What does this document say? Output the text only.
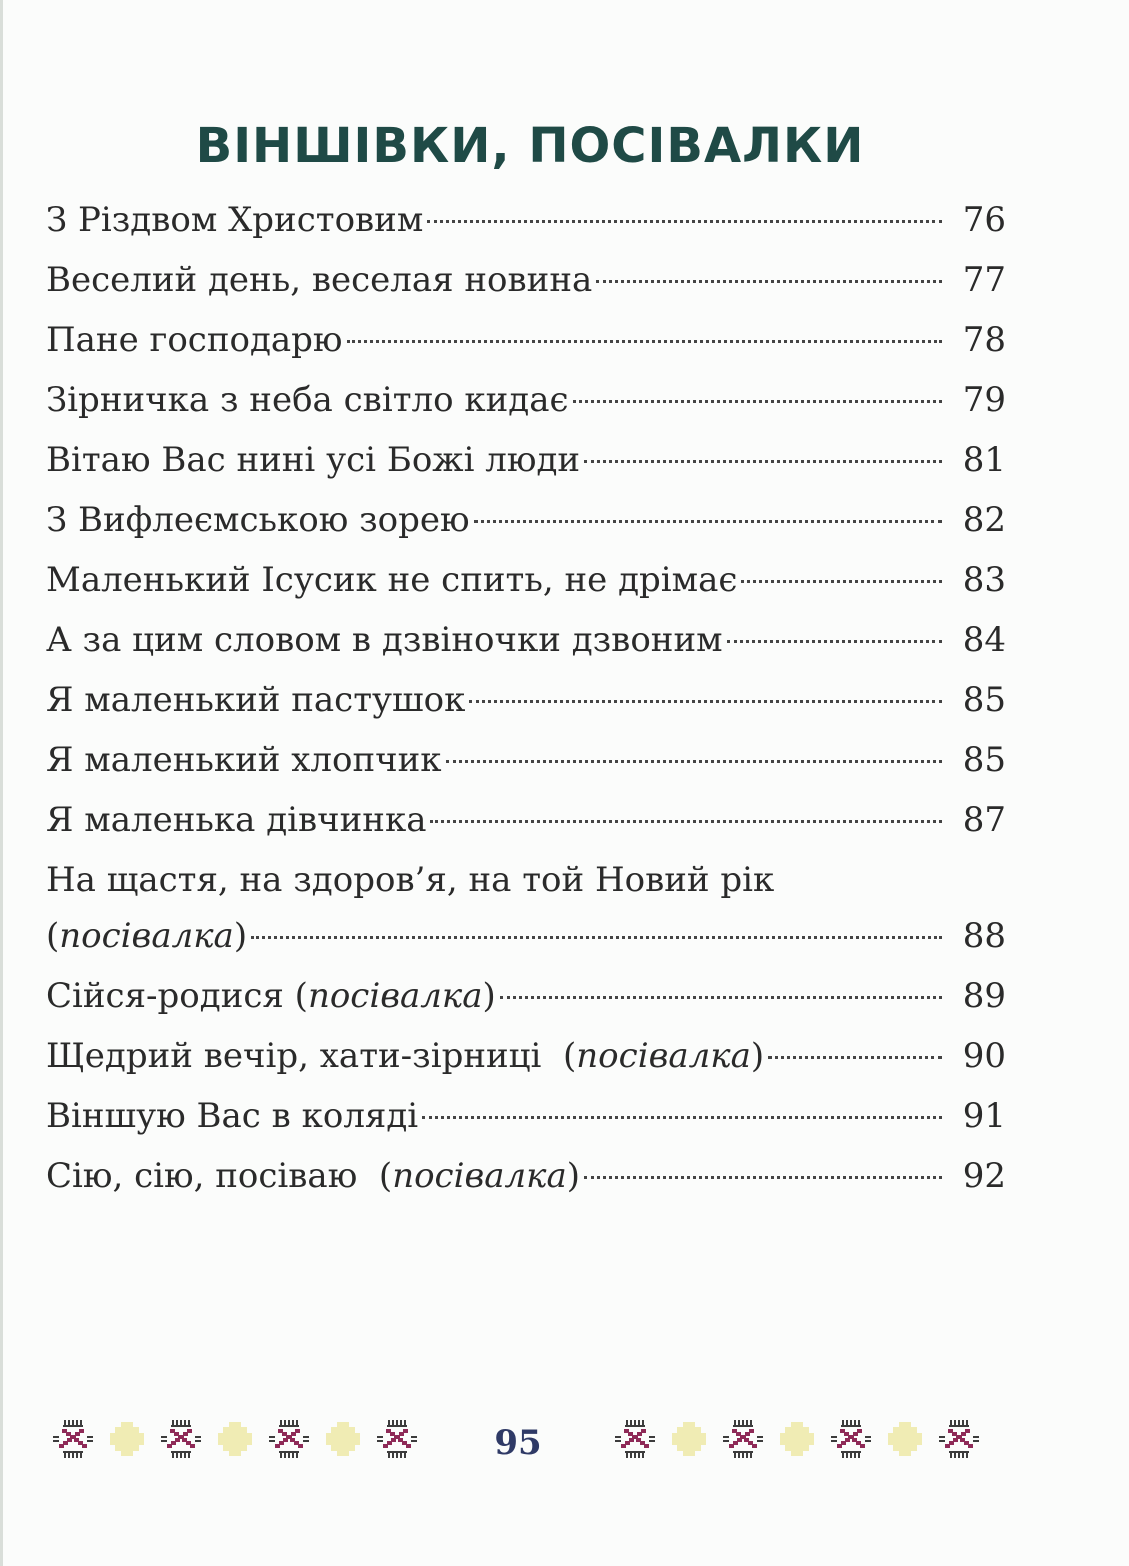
ВІНШІВКИ, ПОСІВАЛКИ
З Різдвом Христовим	76
Веселий день, веселая новина	77
Пане господарю	78
Зірничка з неба світло кидає	79
Вітаю Вас нині усі Божі люди	81
З Вифлеємською зорею	82
Маленький Ісусик не спить, не дрімає	83
А за цим словом в дзвіночки дзвоним	84
Я маленький пастушок	85
Я маленький хлопчик	85
Я маленька дівчинка	87
На щастя, на здоров’я, на той Новий рік
(посівалка)	88
Сійся-родися (посівалка)	89
Щедрий вечір, хати-зірниці  (посівалка)	90
Віншую Вас в коляді	91
Сію, сію, посіваю  (посівалка)	92
95
